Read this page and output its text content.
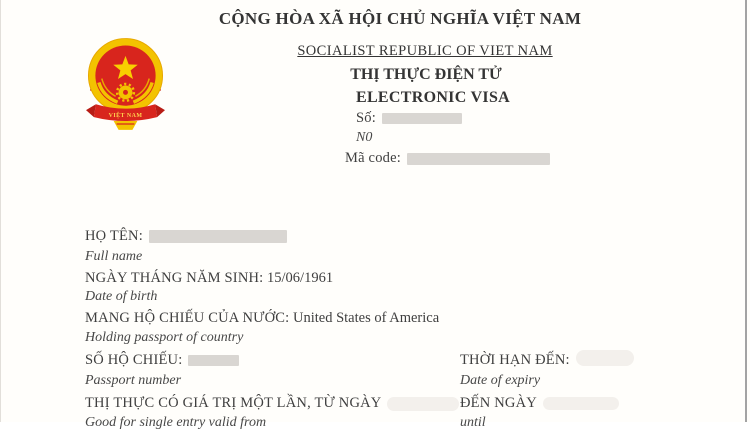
VIỆT NAM
CỘNG HÒA XÃ HỘI CHỦ NGHĨA VIỆT NAM
SOCIALIST REPUBLIC OF VIET NAM
THỊ THỰC ĐIỆN TỬ
ELECTRONIC VISA
Số:
N0
Mã code:
HỌ TÊN:
Full name
NGÀY THÁNG NĂM SINH: 15/06/1961
Date of birth
MANG HỘ CHIẾU CỦA NƯỚC: United States of America
Holding passport of country
SỐ HỘ CHIẾU:
Passport number
THỜI HẠN ĐẾN:
Date of expiry
THỊ THỰC CÓ GIÁ TRỊ MỘT LẦN, TỪ NGÀY
Good for single entry valid from
ĐẾN NGÀY
until
